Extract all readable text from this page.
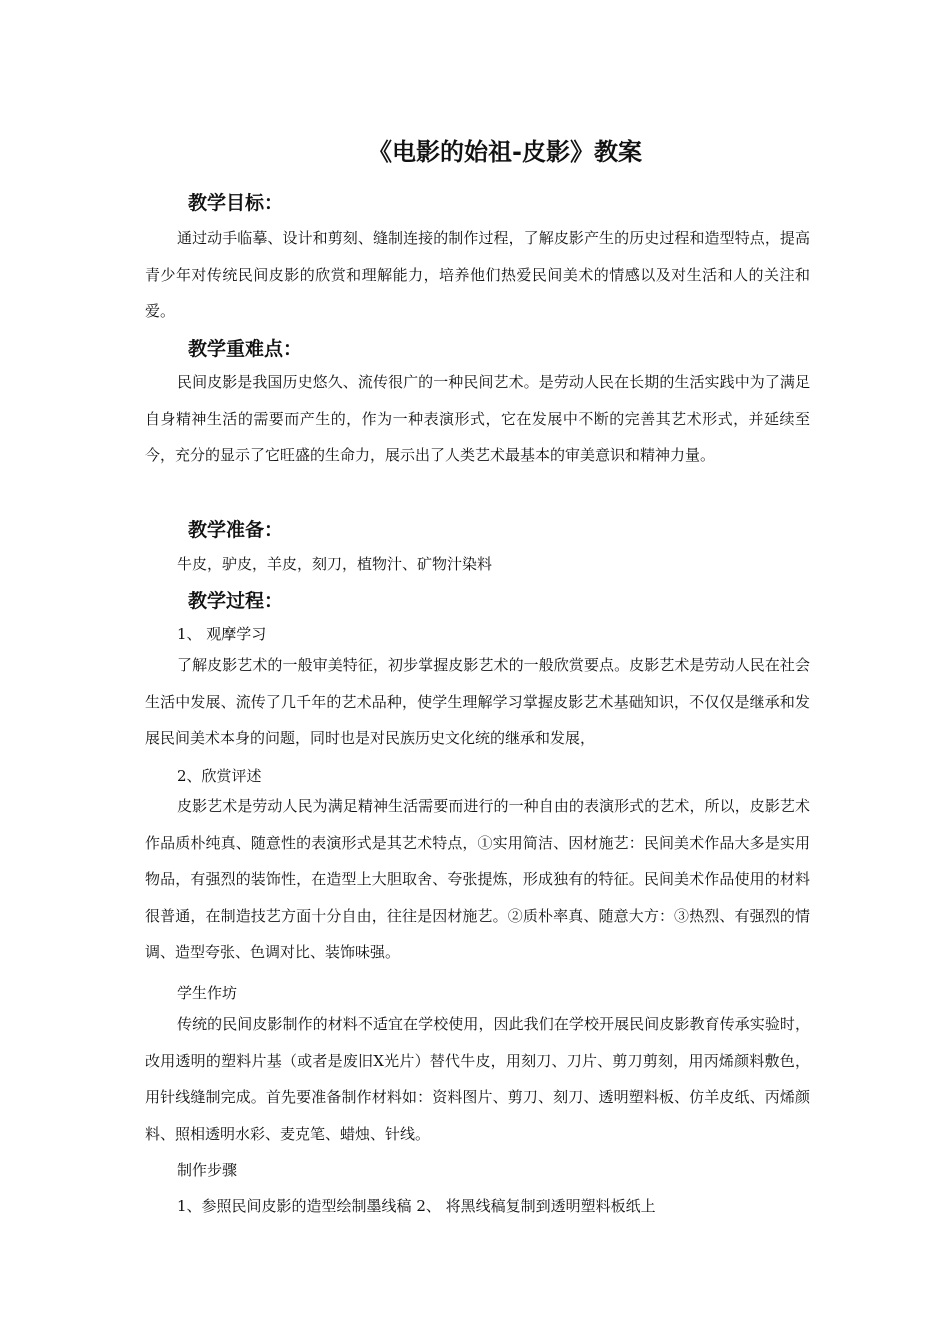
《电影的始祖-皮影》教案
教学目标：
通过动手临摹、设计和剪刻、缝制连接的制作过程，了解皮影产生的历史过程和造型特点，提高青少年对传统民间皮影的欣赏和理解能力，培养他们热爱民间美术的情感以及对生活和人的关注和爱。
教学重难点：
民间皮影是我国历史悠久、流传很广的一种民间艺术。是劳动人民在长期的生活实践中为了满足自身精神生活的需要而产生的，作为一种表演形式，它在发展中不断的完善其艺术形式，并延续至今，充分的显示了它旺盛的生命力，展示出了人类艺术最基本的审美意识和精神力量。
教学准备：
牛皮，驴皮，羊皮，刻刀，植物汁、矿物汁染料
教学过程：
1、 观摩学习
了解皮影艺术的一般审美特征，初步掌握皮影艺术的一般欣赏要点。皮影艺术是劳动人民在社会生活中发展、流传了几千年的艺术品种，使学生理解学习掌握皮影艺术基础知识，不仅仅是继承和发展民间美术本身的问题，同时也是对民族历史文化统的继承和发展，
2、欣赏评述
皮影艺术是劳动人民为满足精神生活需要而进行的一种自由的表演形式的艺术，所以，皮影艺术作品质朴纯真、随意性的表演形式是其艺术特点，①实用简洁、因材施艺：民间美术作品大多是实用物品，有强烈的装饰性，在造型上大胆取舍、夸张提炼，形成独有的特征。民间美术作品使用的材料很普通，在制造技艺方面十分自由，往往是因材施艺。②质朴率真、随意大方：③热烈、有强烈的情调、造型夸张、色调对比、装饰味强。
学生作坊
传统的民间皮影制作的材料不适宜在学校使用，因此我们在学校开展民间皮影教育传承实验时，改用透明的塑料片基（或者是废旧X光片）替代牛皮，用刻刀、刀片、剪刀剪刻，用丙烯颜料敷色，用针线缝制完成。首先要准备制作材料如：资料图片、剪刀、刻刀、透明塑料板、仿羊皮纸、丙烯颜料、照相透明水彩、麦克笔、蜡烛、针线。
制作步骤
1、参照民间皮影的造型绘制墨线稿 2、 将黑线稿复制到透明塑料板纸上
